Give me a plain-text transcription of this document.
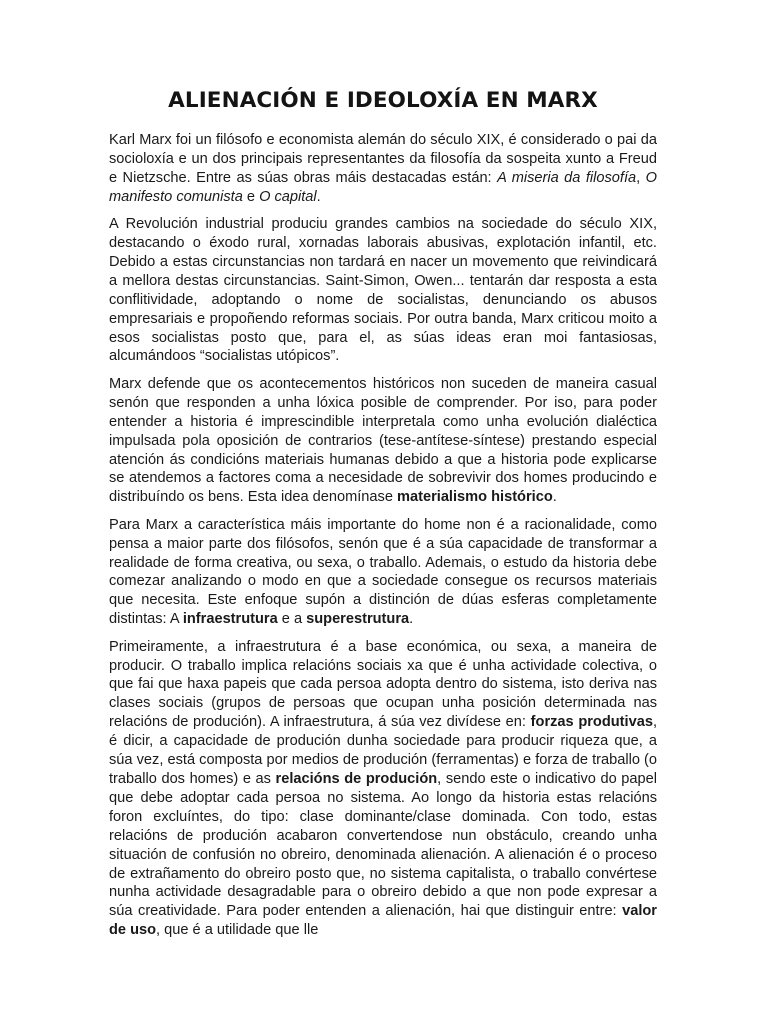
ALIENACIÓN E IDEOLOXÍA EN MARX

Karl Marx foi un filósofo e economista alemán do século XIX, é considerado o pai da socioloxía e un dos principais representantes da filosofía da sospeita xunto a Freud e Nietzsche. Entre as súas obras máis destacadas están: A miseria da filosofía, O manifesto comunista e O capital.

A Revolución industrial produciu grandes cambios na sociedade do século XIX, destacando o éxodo rural, xornadas laborais abusivas, explotación infantil, etc. Debido a estas circunstancias non tardará en nacer un movemento que reivindicará a mellora destas circunstancias. Saint-Simon, Owen... tentarán dar resposta a esta conflitividade, adoptando o nome de socialistas, denunciando os abusos empresariais e propoñendo reformas sociais. Por outra banda, Marx criticou moito a esos socialistas posto que, para el, as súas ideas eran moi fantasiosas, alcumándoos “socialistas utópicos”.

Marx defende que os acontecementos históricos non suceden de maneira casual senón que responden a unha lóxica posible de comprender. Por iso, para poder entender a historia é imprescindible interpretala como unha evolución dialéctica impulsada pola oposición de contrarios (tese-antítese-síntese) prestando especial atención ás condicións materiais humanas debido a que a historia pode explicarse se atendemos a factores coma a necesidade de sobrevivir dos homes producindo e distribuíndo os bens. Esta idea denomínase materialismo histórico.

Para Marx a característica máis importante do home non é a racionalidade, como pensa a maior parte dos filósofos, senón que é a súa capacidade de transformar a realidade de forma creativa, ou sexa, o traballo. Ademais, o estudo da historia debe comezar analizando o modo en que a sociedade consegue os recursos materiais que necesita. Este enfoque supón a distinción de dúas esferas completamente distintas: A infraestrutura e a superestrutura.

Primeiramente, a infraestrutura é a base económica, ou sexa, a maneira de producir. O traballo implica relacións sociais xa que é unha actividade colectiva, o que fai que haxa papeis que cada persoa adopta dentro do sistema, isto deriva nas clases sociais (grupos de persoas que ocupan unha posición determinada nas relacións de produción). A infraestrutura, á súa vez divídese en: forzas produtivas, é dicir, a capacidade de produción dunha sociedade para producir riqueza que, a súa vez, está composta por medios de produción (ferramentas) e forza de traballo (o traballo dos homes) e as relacións de produción, sendo este o indicativo do papel que debe adoptar cada persoa no sistema. Ao longo da historia estas relacións foron excluíntes, do tipo: clase dominante/clase dominada. Con todo, estas relacións de produción acabaron convertendose nun obstáculo, creando unha situación de confusión no obreiro, denominada alienación. A alienación é o proceso de extrañamento do obreiro posto que, no sistema capitalista, o traballo convértese nunha actividade desagradable para o obreiro debido a que non pode expresar a súa creatividade. Para poder entenden a alienación, hai que distinguir entre: valor de uso, que é a utilidade que lle
